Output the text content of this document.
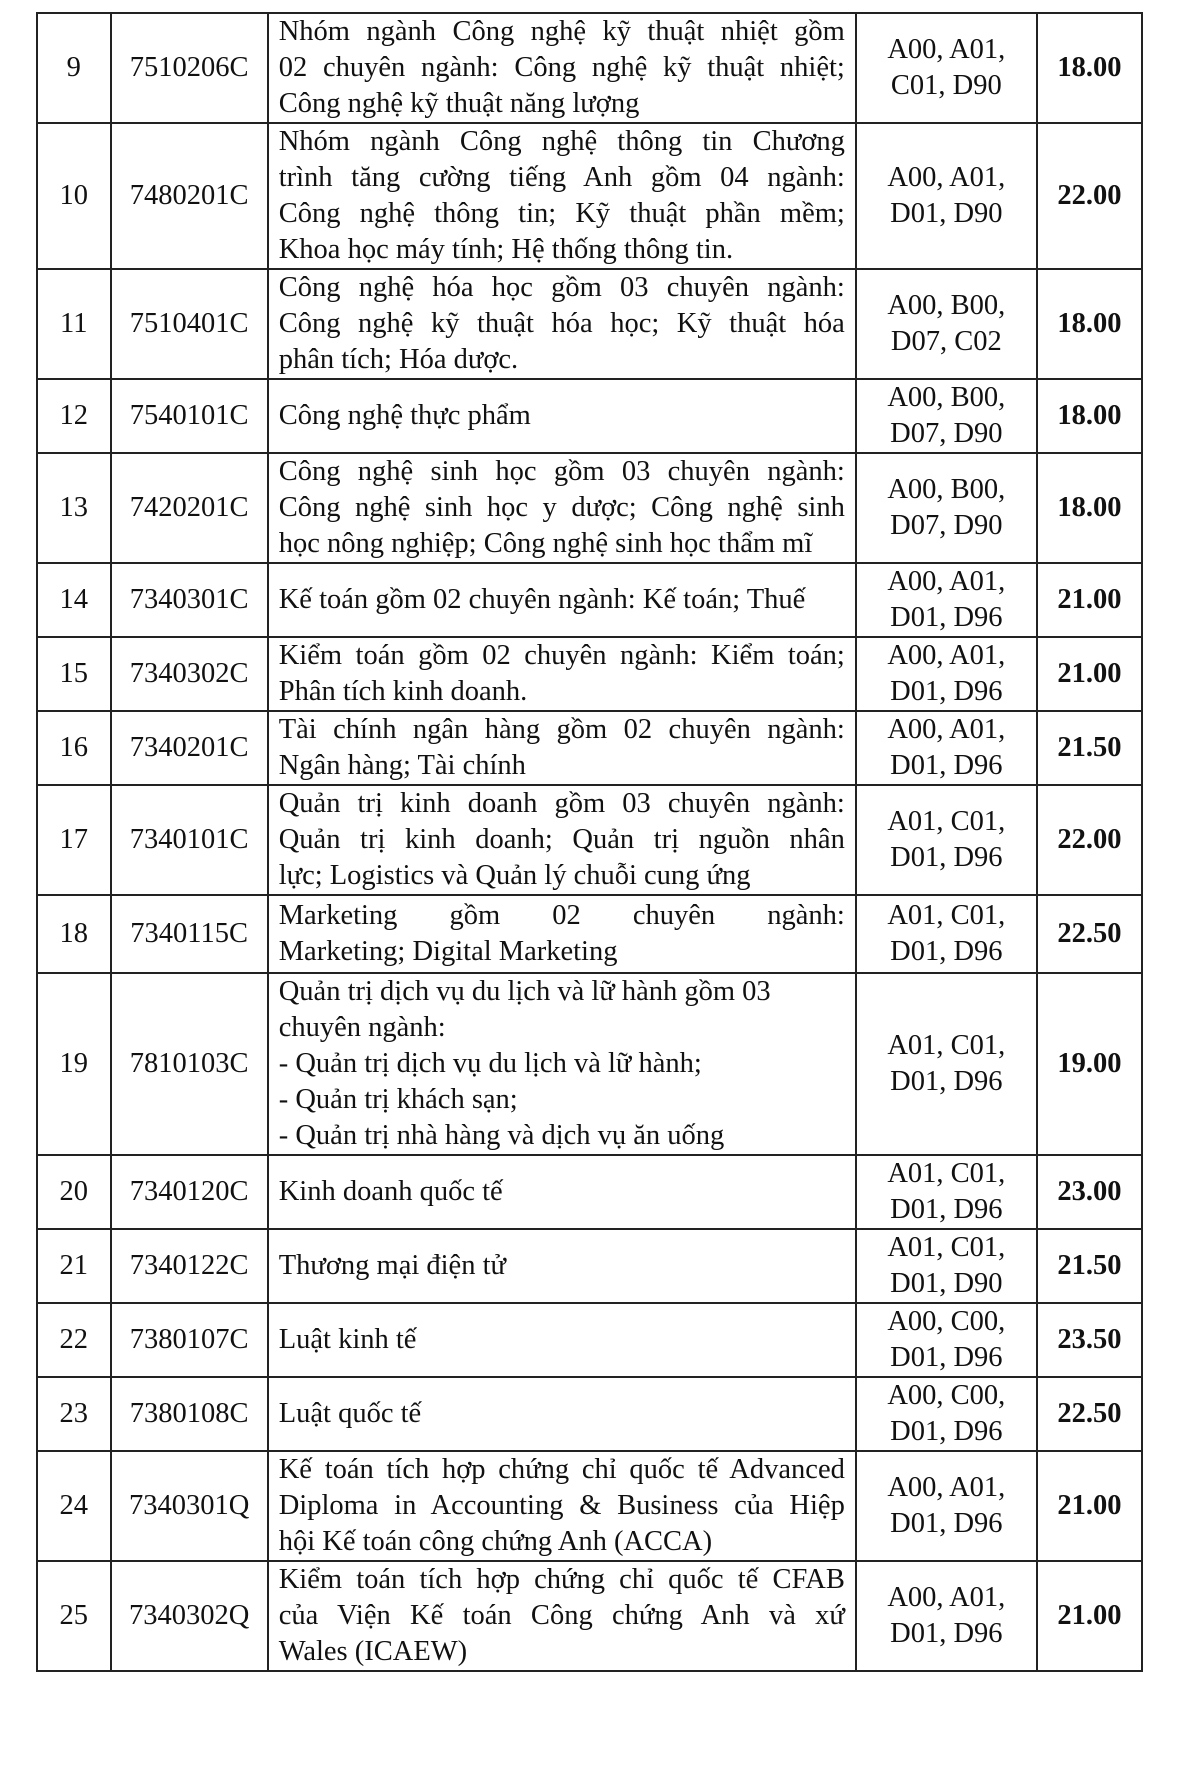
9	7510206C	Nhóm ngành Công nghệ kỹ thuật nhiệt gồm
02 chuyên ngành: Công nghệ kỹ thuật nhiệt;
Công nghệ kỹ thuật năng lượng	A00, A01,
C01, D90	18.00
10	7480201C	Nhóm ngành Công nghệ thông tin Chương
trình tăng cường tiếng Anh gồm 04 ngành:
Công nghệ thông tin; Kỹ thuật phần mềm;
Khoa học máy tính; Hệ thống thông tin.	A00, A01,
D01, D90	22.00
11	7510401C	Công nghệ hóa học gồm 03 chuyên ngành:
Công nghệ kỹ thuật hóa học; Kỹ thuật hóa
phân tích; Hóa dược.	A00, B00,
D07, C02	18.00
12	7540101C	Công nghệ thực phẩm	A00, B00,
D07, D90	18.00
13	7420201C	Công nghệ sinh học gồm 03 chuyên ngành:
Công nghệ sinh học y dược; Công nghệ sinh
học nông nghiệp; Công nghệ sinh học thẩm mĩ	A00, B00,
D07, D90	18.00
14	7340301C	Kế toán gồm 02 chuyên ngành: Kế toán; Thuế	A00, A01,
D01, D96	21.00
15	7340302C	Kiểm toán gồm 02 chuyên ngành: Kiểm toán;
Phân tích kinh doanh.	A00, A01,
D01, D96	21.00
16	7340201C	Tài chính ngân hàng gồm 02 chuyên ngành:
Ngân hàng; Tài chính	A00, A01,
D01, D96	21.50
17	7340101C	Quản trị kinh doanh gồm 03 chuyên ngành:
Quản trị kinh doanh; Quản trị nguồn nhân
lực; Logistics và Quản lý chuỗi cung ứng	A01, C01,
D01, D96	22.00
18	7340115C	Marketing gồm 02 chuyên ngành:
Marketing; Digital Marketing	A01, C01,
D01, D96	22.50
19	7810103C	Quản trị dịch vụ du lịch và lữ hành gồm 03
chuyên ngành:
- Quản trị dịch vụ du lịch và lữ hành;
- Quản trị khách sạn;
- Quản trị nhà hàng và dịch vụ ăn uống	A01, C01,
D01, D96	19.00
20	7340120C	Kinh doanh quốc tế	A01, C01,
D01, D96	23.00
21	7340122C	Thương mại điện tử	A01, C01,
D01, D90	21.50
22	7380107C	Luật kinh tế	A00, C00,
D01, D96	23.50
23	7380108C	Luật quốc tế	A00, C00,
D01, D96	22.50
24	7340301Q	Kế toán tích hợp chứng chỉ quốc tế Advanced
Diploma in Accounting & Business của Hiệp
hội Kế toán công chứng Anh (ACCA)	A00, A01,
D01, D96	21.00
25	7340302Q	Kiểm toán tích hợp chứng chỉ quốc tế CFAB
của Viện Kế toán Công chứng Anh và xứ
Wales (ICAEW)	A00, A01,
D01, D96	21.00
